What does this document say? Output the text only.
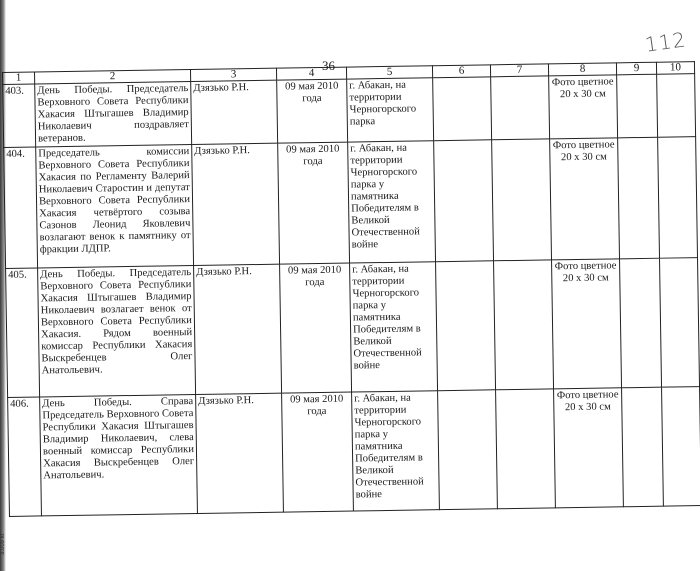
36
112
1	2	3	4	5	6	7	8	9	10
403.	День Победы. Председатель Верховного Совета Республики Хакасия Штыгашев Владимир Николаевич поздравляет ветеранов.	Дзязько Р.Н.	09 мая 2010 года	г. Абакан, на территории Черногорского парка			Фото цветное 20 х 30 см		
404.	Председатель комиссии Верховного Совета Республики Хакасия по Регламенту Валерий Николаевич Старостин и депутат Верховного Совета Республики Хакасия четвёртого созыва Сазонов Леонид Яковлевич возлагают венок к памятнику от фракции ЛДПР.	Дзязько Р.Н.	09 мая 2010 года	г. Абакан, на территории Черногорского парка у памятника Победителям в Великой Отечественной войне			Фото цветное 20 х 30 см		
405.	День Победы. Председатель Верховного Совета Республики Хакасия Штыгашев Владимир Николаевич возлагает венок от Верховного Совета Республики Хакасия. Рядом военный комиссар Республики Хакасия Выскребенцев Олег Анатольевич.	Дзязько Р.Н.	09 мая 2010 года	г. Абакан, на территории Черногорского парка у памятника Победителям в Великой Отечественной войне			Фото цветное 20 х 30 см		
406.	День Победы. Справа Председатель Верховного Совета Республики Хакасия Штыгашев Владимир Николаевич, слева военный комиссар Республики Хакасия Выскребенцев Олег Анатольевич.	Дзязько Р.Н.	09 мая 2010 года	г. Абакан, на территории Черногорского парка у памятника Победителям в Великой Отечественной войне			Фото цветное 20 х 30 см		
3.009 kI
